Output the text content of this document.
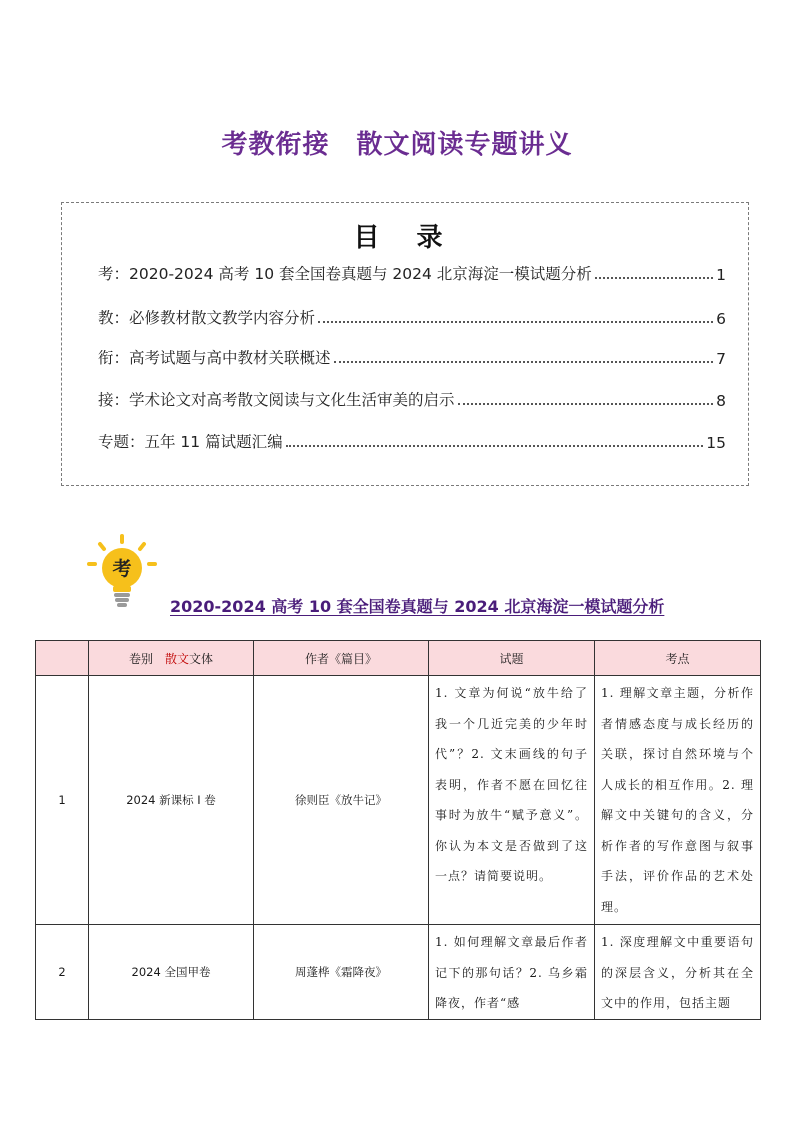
考教衔接　散文阅读专题讲义
目 录
考：2020-2024 高考 10 套全国卷真题与 2024 北京海淀一模试题分析	1
教：必修教材散文教学内容分析	6
衔：高考试题与高中教材关联概述	7
接：学术论文对高考散文阅读与文化生活审美的启示	8
专题：五年 11 篇试题汇编	15
考
2020-2024 高考 10 套全国卷真题与 2024 北京海淀一模试题分析
	卷别　散文文体	作者《篇目》	试题	考点
1	2024 新课标 I 卷	徐则臣《放牛记》	1. 文章为何说“放牛给了我一个几近完美的少年时代”？2. 文末画线的句子表明，作者不愿在回忆往事时为放牛“赋予意义”。你认为本文是否做到了这一点？请简要说明。	1. 理解文章主题，分析作者情感态度与成长经历的关联，探讨自然环境与个人成长的相互作用。2. 理解文中关键句的含义，分析作者的写作意图与叙事手法，评价作品的艺术处理。

2	2024 全国甲卷	周蓬桦《霜降夜》	1. 如何理解文章最后作者记下的那句话？2. 乌乡霜降夜，作者“感	1. 深度理解文中重要语句的深层含义，分析其在全文中的作用，包括主题
